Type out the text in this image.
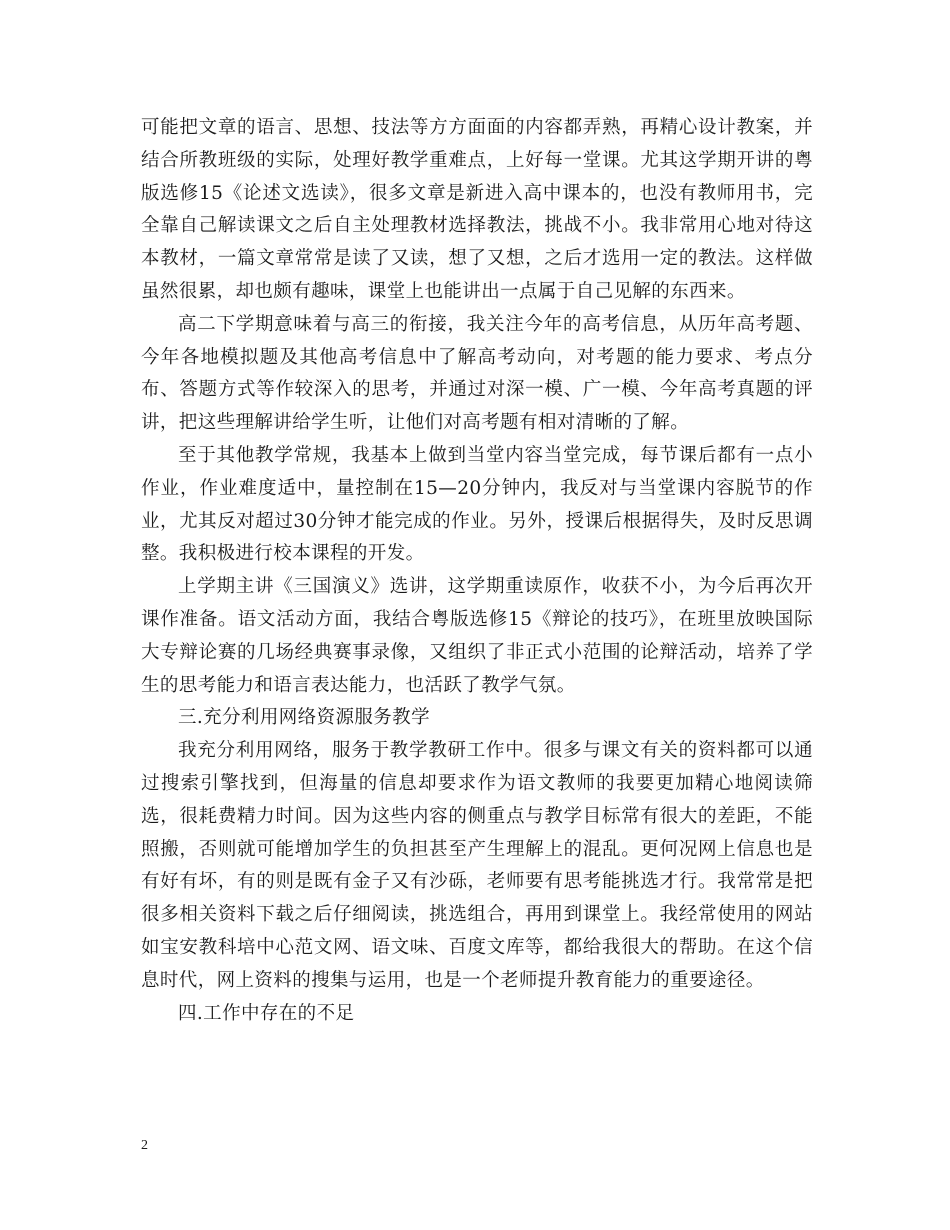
可能把文章的语言、思想、技法等方方面面的内容都弄熟，再精心设计教案，并结合所教班级的实际，处理好教学重难点，上好每一堂课。尤其这学期开讲的粤版选修15《论述文选读》，很多文章是新进入高中课本的，也没有教师用书，完全靠自己解读课文之后自主处理教材选择教法，挑战不小。我非常用心地对待这本教材，一篇文章常常是读了又读，想了又想，之后才选用一定的教法。这样做虽然很累，却也颇有趣味，课堂上也能讲出一点属于自己见解的东西来。

高二下学期意味着与高三的衔接，我关注今年的高考信息，从历年高考题、今年各地模拟题及其他高考信息中了解高考动向，对考题的能力要求、考点分布、答题方式等作较深入的思考，并通过对深一模、广一模、今年高考真题的评讲，把这些理解讲给学生听，让他们对高考题有相对清晰的了解。

至于其他教学常规，我基本上做到当堂内容当堂完成，每节课后都有一点小作业，作业难度适中，量控制在15—20分钟内，我反对与当堂课内容脱节的作业，尤其反对超过30分钟才能完成的作业。另外，授课后根据得失，及时反思调整。我积极进行校本课程的开发。

上学期主讲《三国演义》选讲，这学期重读原作，收获不小，为今后再次开课作准备。语文活动方面，我结合粤版选修15《辩论的技巧》，在班里放映国际大专辩论赛的几场经典赛事录像，又组织了非正式小范围的论辩活动，培养了学生的思考能力和语言表达能力，也活跃了教学气氛。

三.充分利用网络资源服务教学

我充分利用网络，服务于教学教研工作中。很多与课文有关的资料都可以通过搜索引擎找到，但海量的信息却要求作为语文教师的我要更加精心地阅读筛选，很耗费精力时间。因为这些内容的侧重点与教学目标常有很大的差距，不能照搬，否则就可能增加学生的负担甚至产生理解上的混乱。更何况网上信息也是有好有坏，有的则是既有金子又有沙砾，老师要有思考能挑选才行。我常常是把很多相关资料下载之后仔细阅读，挑选组合，再用到课堂上。我经常使用的网站如宝安教科培中心范文网、语文味、百度文库等，都给我很大的帮助。在这个信息时代，网上资料的搜集与运用，也是一个老师提升教育能力的重要途径。

四.工作中存在的不足

2
